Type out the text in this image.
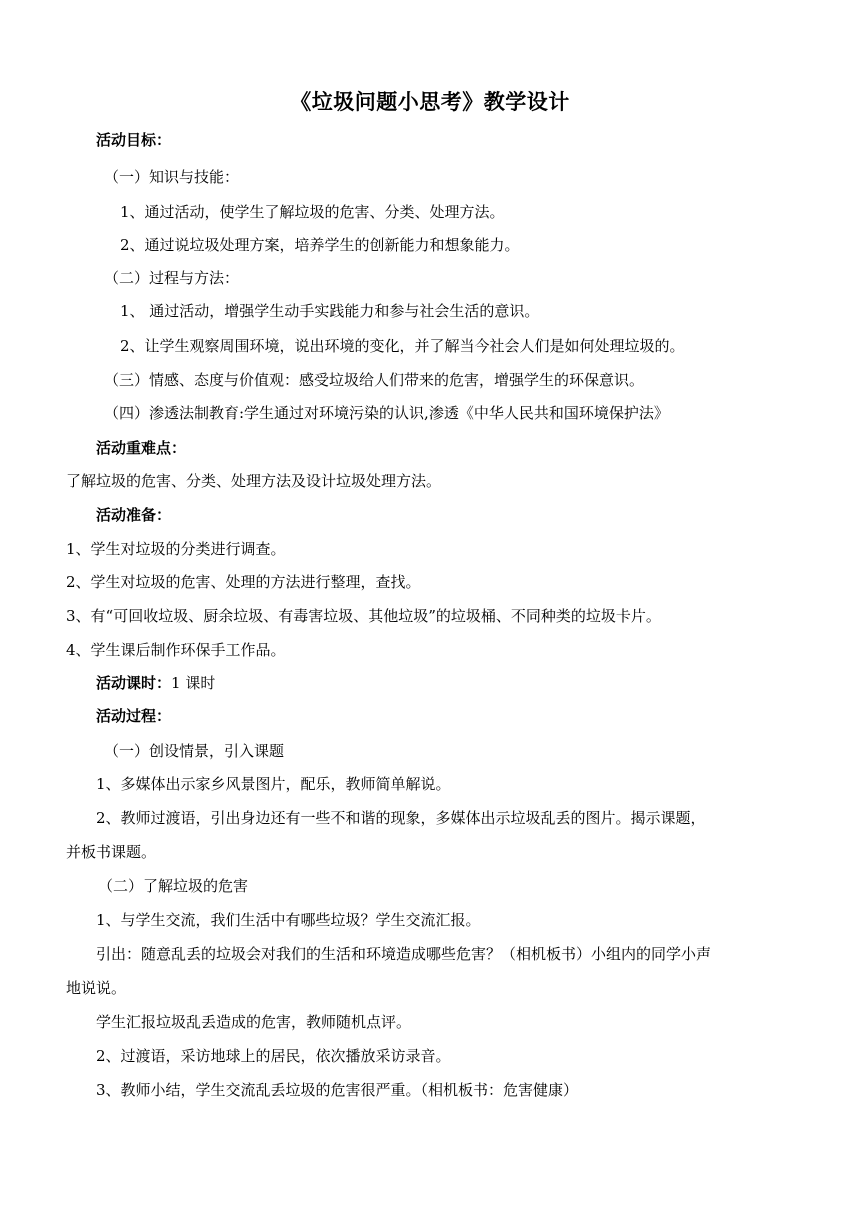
《垃圾问题小思考》教学设计
活动目标：
（一）知识与技能：
1、通过活动，使学生了解垃圾的危害、分类、处理方法。
2、通过说垃圾处理方案，培养学生的创新能力和想象能力。
（二）过程与方法：
1、 通过活动，增强学生动手实践能力和参与社会生活的意识。
2、让学生观察周围环境，说出环境的变化，并了解当今社会人们是如何处理垃圾的。
（三）情感、态度与价值观：感受垃圾给人们带来的危害，增强学生的环保意识。
（四）渗透法制教育:学生通过对环境污染的认识,渗透《中华人民共和国环境保护法》
活动重难点：
了解垃圾的危害、分类、处理方法及设计垃圾处理方法。
活动准备：
1、学生对垃圾的分类进行调查。
2、学生对垃圾的危害、处理的方法进行整理，查找。
3、有“可回收垃圾、厨余垃圾、有毒害垃圾、其他垃圾”的垃圾桶、不同种类的垃圾卡片。
4、学生课后制作环保手工作品。
活动课时：1 课时
活动过程：
（一）创设情景，引入课题
1、多媒体出示家乡风景图片，配乐，教师简单解说。
2、教师过渡语，引出身边还有一些不和谐的现象，多媒体出示垃圾乱丢的图片。揭示课题，
并板书课题。
（二）了解垃圾的危害
1、与学生交流，我们生活中有哪些垃圾？学生交流汇报。
引出：随意乱丢的垃圾会对我们的生活和环境造成哪些危害？（相机板书）小组内的同学小声
地说说。
学生汇报垃圾乱丢造成的危害，教师随机点评。
2、过渡语，采访地球上的居民，依次播放采访录音。
3、教师小结，学生交流乱丢垃圾的危害很严重。（相机板书：危害健康）
